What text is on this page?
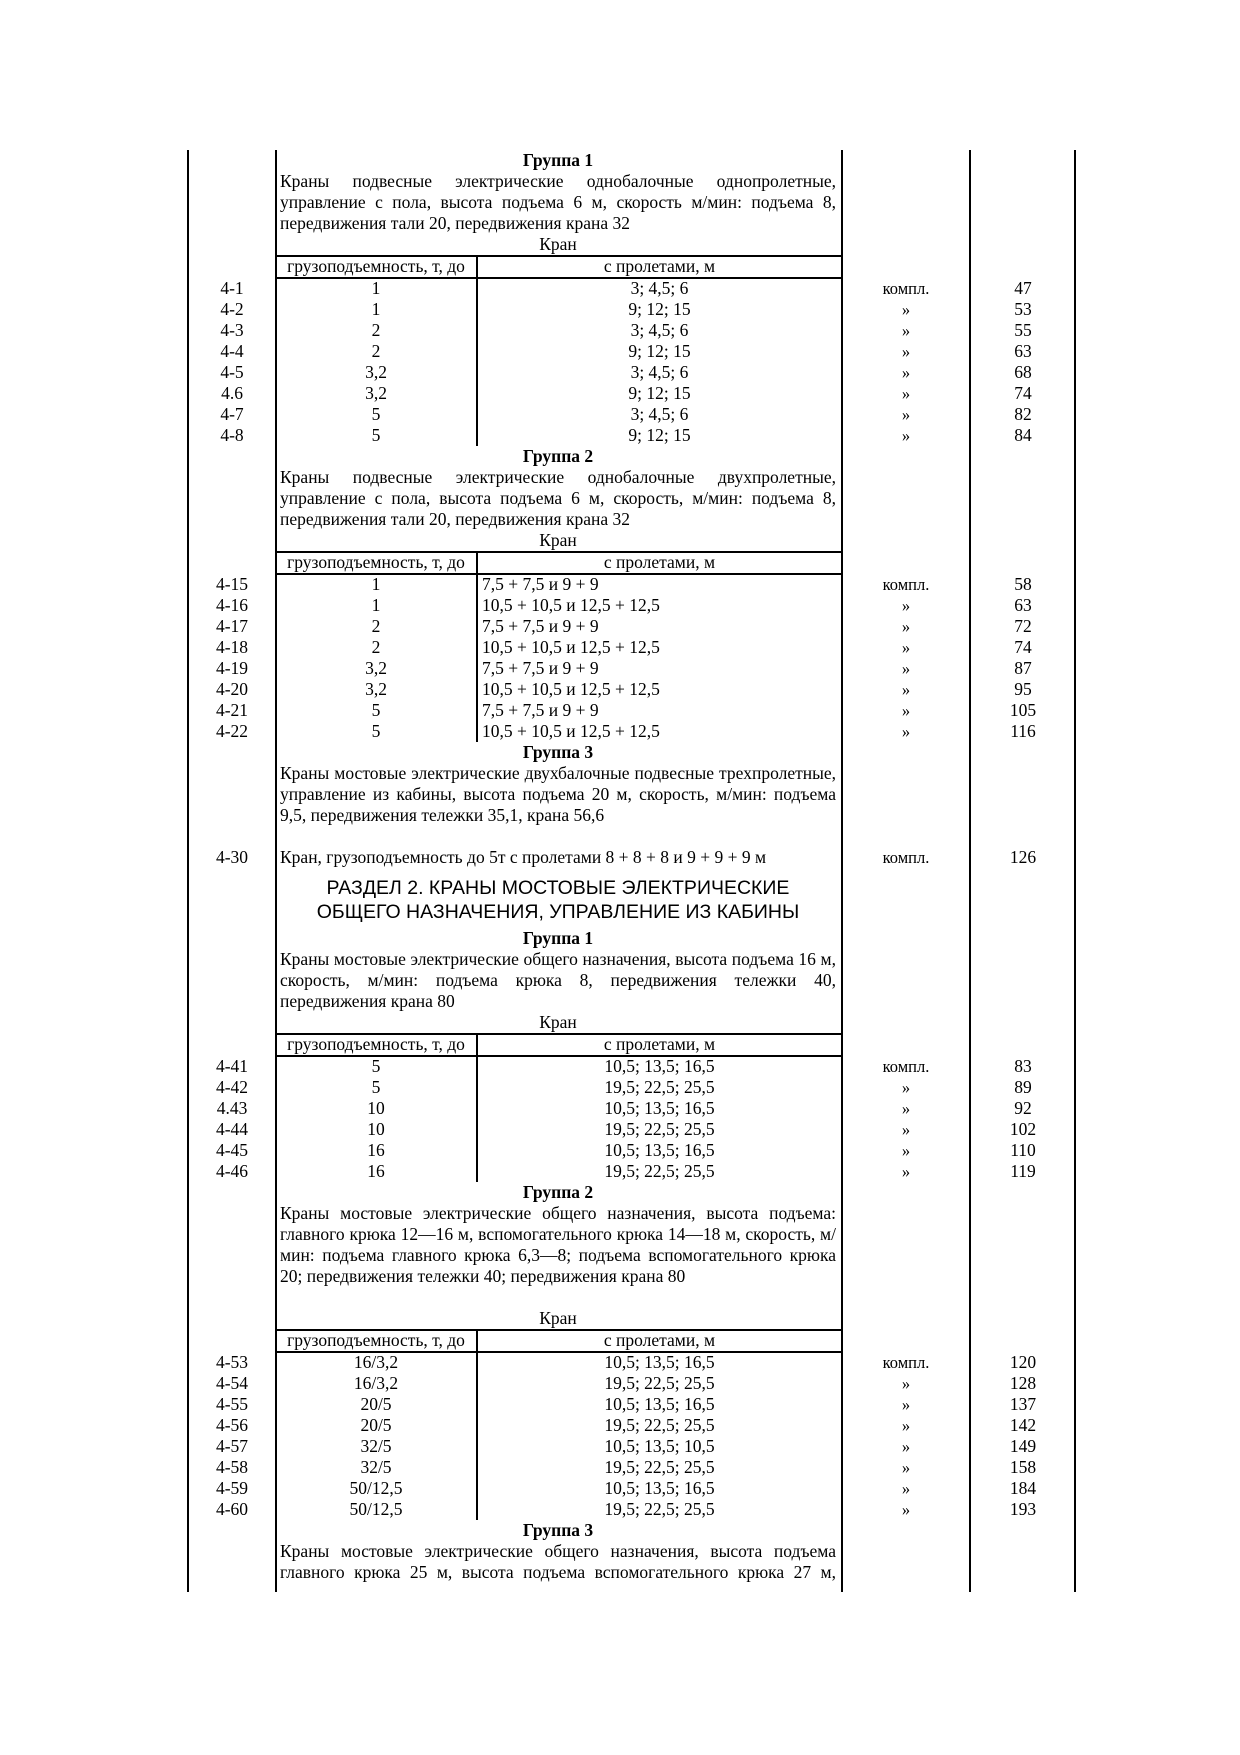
Группа 1
Краны подвесные электрические однобалочные однопролетные, управление с пола, высота подъема 6 м, скорость м/мин: подъема 8, передвижения тали 20, передвижения крана 32
Кран
грузоподъемность, т, до	с пролетами, м
4-1	1	3; 4,5; 6	компл.	47
4-2	1	9; 12; 15	»	53
4-3	2	3; 4,5; 6	»	55
4-4	2	9; 12; 15	»	63
4-5	3,2	3; 4,5; 6	»	68
4.6	3,2	9; 12; 15	»	74
4-7	5	3; 4,5; 6	»	82
4-8	5	9; 12; 15	»	84
Группа 2
Краны подвесные электрические однобалочные двухпролетные, управление с пола, высота подъема 6 м, скорость, м/мин: подъема 8, передвижения тали 20, передвижения крана 32
Кран
грузоподъемность, т, до	с пролетами, м
4-15	1	7,5 + 7,5 и 9 + 9	компл.	58
4-16	1	10,5 + 10,5 и 12,5 + 12,5	»	63
4-17	2	7,5 + 7,5 и 9 + 9	»	72
4-18	2	10,5 + 10,5 и 12,5 + 12,5	»	74
4-19	3,2	7,5 + 7,5 и 9 + 9	»	87
4-20	3,2	10,5 + 10,5 и 12,5 + 12,5	»	95
4-21	5	7,5 + 7,5 и 9 + 9	»	105
4-22	5	10,5 + 10,5 и 12,5 + 12,5	»	116
Группа 3
Краны мостовые электрические двухбалочные подвесные трехпролетные, управление из кабины, высота подъема 20 м, скорость, м/мин: подъема 9,5, передвижения тележки 35,1, крана 56,6
4-30	Кран, грузоподъемность до 5т с пролетами 8 + 8 + 8 и 9 + 9 + 9 м	компл.	126
РАЗДЕЛ 2. КРАНЫ МОСТОВЫЕ ЭЛЕКТРИЧЕСКИЕ
ОБЩЕГО НАЗНАЧЕНИЯ, УПРАВЛЕНИЕ ИЗ КАБИНЫ
Группа 1
Краны мостовые электрические общего назначения, высота подъема 16 м, скорость, м/мин: подъема крюка 8, передвижения тележки 40, передвижения крана 80
Кран
грузоподъемность, т, до	с пролетами, м
4-41	5	10,5; 13,5; 16,5	компл.	83
4-42	5	19,5; 22,5; 25,5	»	89
4.43	10	10,5; 13,5; 16,5	»	92
4-44	10	19,5; 22,5; 25,5	»	102
4-45	16	10,5; 13,5; 16,5	»	110
4-46	16	19,5; 22,5; 25,5	»	119
Группа 2
Краны мостовые электрические общего назначения, высота подъема: главного крюка 12—16 м, вспомогательного крюка 14—18 м, скорость, м/мин: подъема главного крюка 6,3—8; подъема вспомогательного крюка 20; передвижения тележки 40; передвижения крана 80
Кран
грузоподъемность, т, до	с пролетами, м
4-53	16/3,2	10,5; 13,5; 16,5	компл.	120
4-54	16/3,2	19,5; 22,5; 25,5	»	128
4-55	20/5	10,5; 13,5; 16,5	»	137
4-56	20/5	19,5; 22,5; 25,5	»	142
4-57	32/5	10,5; 13,5; 10,5	»	149
4-58	32/5	19,5; 22,5; 25,5	»	158
4-59	50/12,5	10,5; 13,5; 16,5	»	184
4-60	50/12,5	19,5; 22,5; 25,5	»	193
Группа 3
Краны мостовые электрические общего назначения, высота подъема главного крюка 25 м, высота подъема вспомогательного крюка 27 м,
